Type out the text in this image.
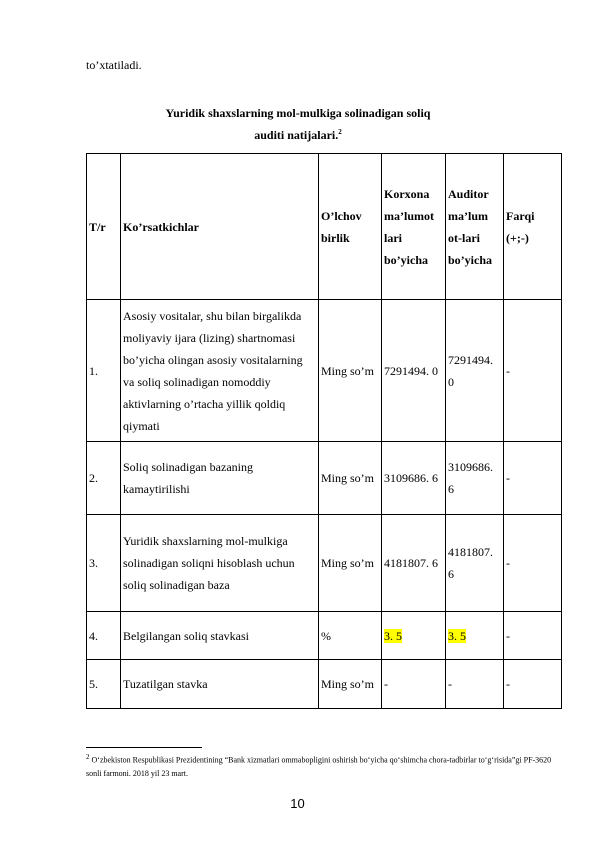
to’xtatiladi.
Yuridik shaxslarning mol-mulkiga solinadigan soliq
auditi natijalari.$^2$
T/r	Ko’rsatkichlar	O’lchov birlik	Korxona ma’lumot lari bo’yicha	Auditor ma’lum ot-lari bo’yicha	Farqi (+;-)
1.	Asosiy vositalar, shu bilan birgalikda moliyaviy ijara (lizing) shartnomasi bo’yicha olingan asosiy vositalarning va soliq solinadigan nomoddiy aktivlarning o’rtacha yillik qoldiq qiymati	Ming so’m	7291494. 0	7291494. 0	-
2.	Soliq solinadigan bazaning kamaytirilishi	Ming so’m	3109686. 6	3109686. 6	-
3.	Yuridik shaxslarning mol-mulkiga solinadigan soliqni hisoblash uchun soliq solinadigan baza	Ming so’m	4181807. 6	4181807. 6	-
4.	Belgilangan soliq stavkasi	%	3. 5	3. 5	-
5.	Tuzatilgan stavka	Ming so’m	-	-	-
$^2$ O‘zbekiston Respublikasi Prezidentining “Bank xizmatlari ommabopligini oshirish bo‘yicha qo‘shimcha chora-tadbirlar to‘g‘risida”gi PF-3620 sonli farmoni. 2018 yil 23 mart.
10
